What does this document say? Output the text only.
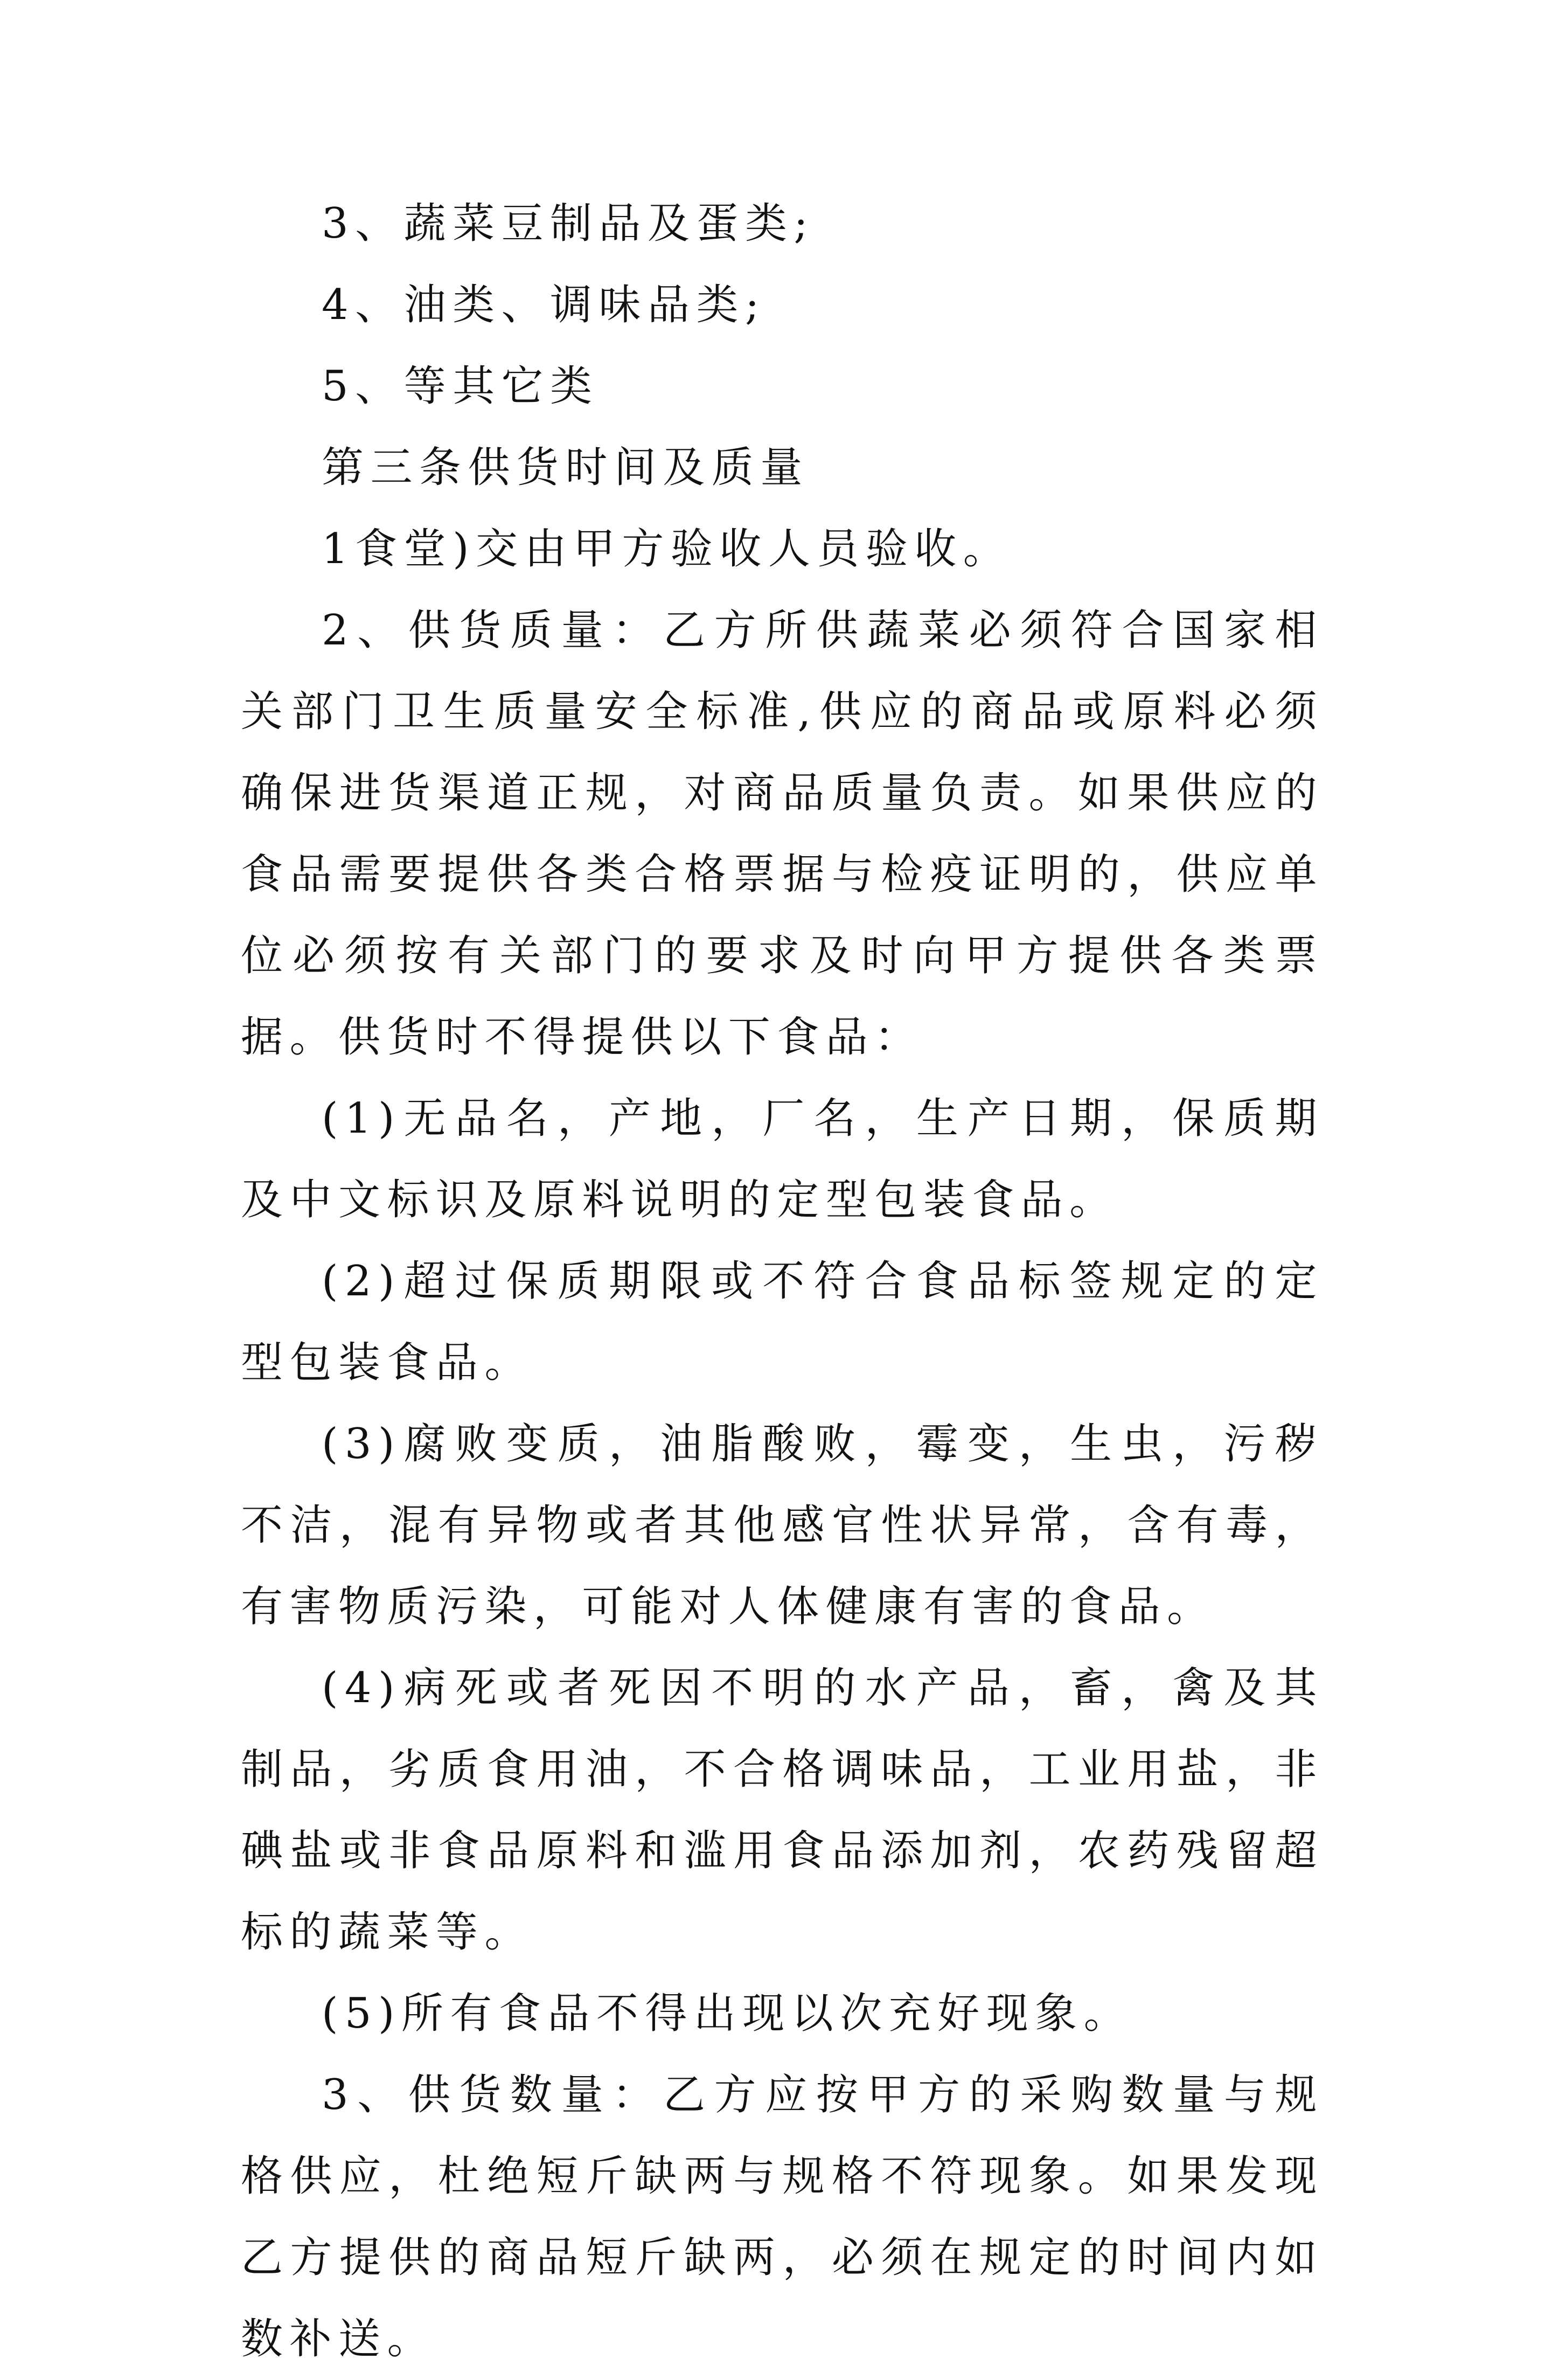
3、蔬菜豆制品及蛋类;

4、油类、调味品类;

5、等其它类

第三条供货时间及质量

1食堂)交由甲方验收人员验收。

2、供货质量：乙方所供蔬菜必须符合国家相关部门卫生质量安全标准,供应的商品或原料必须确保进货渠道正规，对商品质量负责。如果供应的食品需要提供各类合格票据与检疫证明的，供应单位必须按有关部门的要求及时向甲方提供各类票据。供货时不得提供以下食品：

(1)无品名，产地，厂名，生产日期，保质期及中文标识及原料说明的定型包装食品。

(2)超过保质期限或不符合食品标签规定的定型包装食品。

(3)腐败变质，油脂酸败，霉变，生虫，污秽不洁，混有异物或者其他感官性状异常，含有毒，有害物质污染，可能对人体健康有害的食品。

(4)病死或者死因不明的水产品，畜，禽及其制品，劣质食用油，不合格调味品，工业用盐，非碘盐或非食品原料和滥用食品添加剂，农药残留超标的蔬菜等。

(5)所有食品不得出现以次充好现象。

3、供货数量：乙方应按甲方的采购数量与规格供应，杜绝短斤缺两与规格不符现象。如果发现乙方提供的商品短斤缺两，必须在规定的时间内如数补送。
